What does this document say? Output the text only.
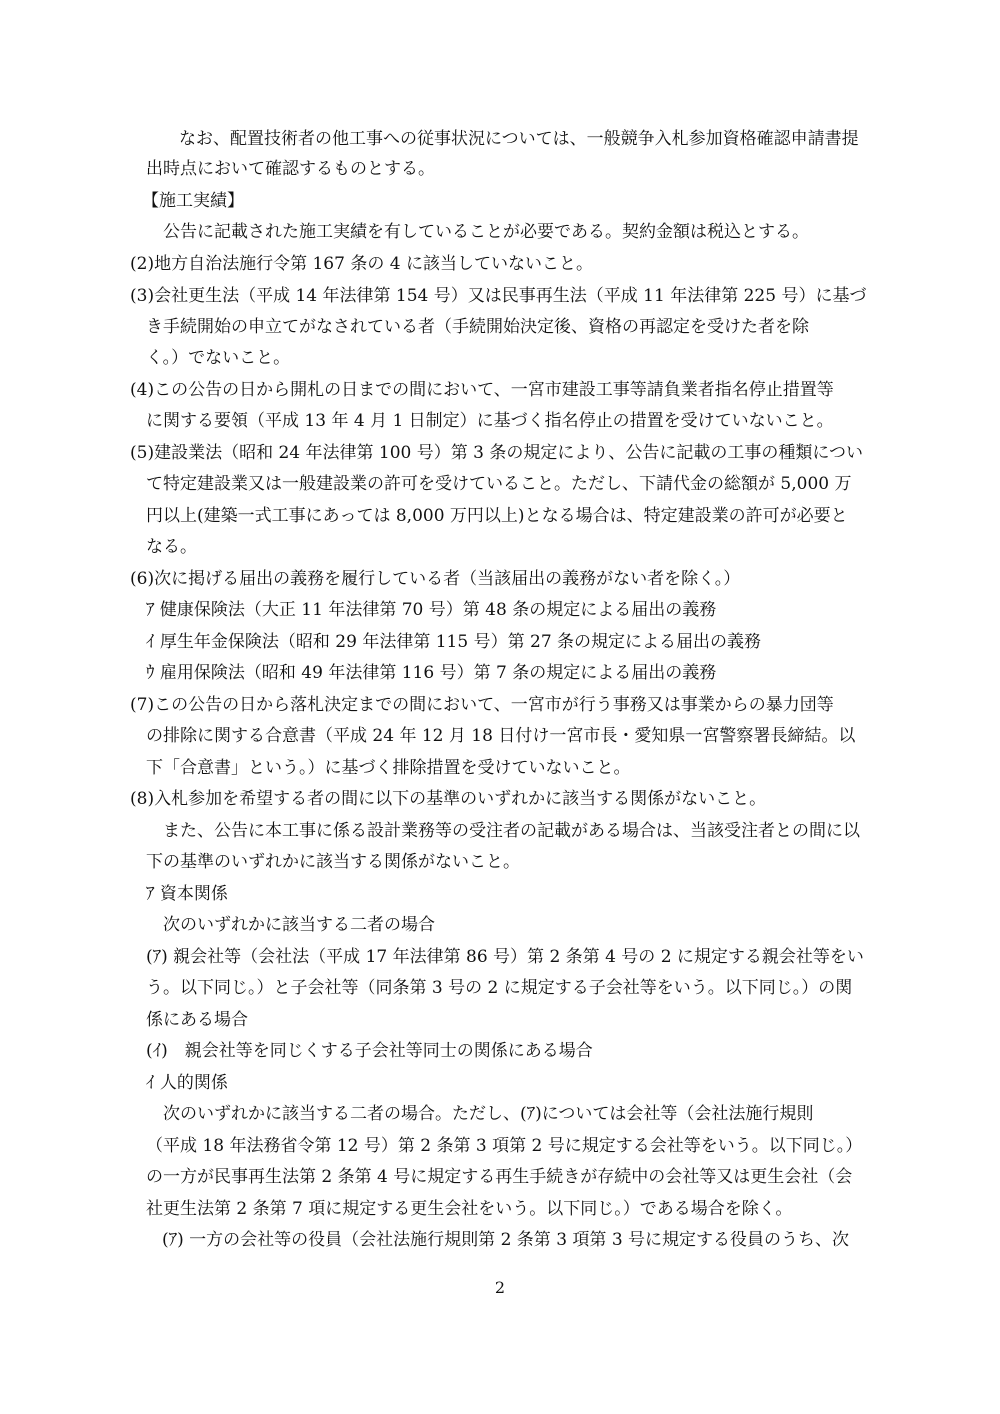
　なお、配置技術者の他工事への従事状況については、一般競争入札参加資格確認申請書提

出時点において確認するものとする。

【施工実績】

　公告に記載された施工実績を有していることが必要である。契約金額は税込とする。

(2)地方自治法施行令第 167 条の 4 に該当していないこと。

(3)会社更生法（平成 14 年法律第 154 号）又は民事再生法（平成 11 年法律第 225 号）に基づ

き手続開始の申立てがなされている者（手続開始決定後、資格の再認定を受けた者を除

く。）でないこと。

(4)この公告の日から開札の日までの間において、一宮市建設工事等請負業者指名停止措置等

に関する要領（平成 13 年 4 月 1 日制定）に基づく指名停止の措置を受けていないこと。

(5)建設業法（昭和 24 年法律第 100 号）第 3 条の規定により、公告に記載の工事の種類につい

て特定建設業又は一般建設業の許可を受けていること。ただし、下請代金の総額が 5,000 万

円以上(建築一式工事にあっては 8,000 万円以上)となる場合は、特定建設業の許可が必要と

なる。

(6)次に掲げる届出の義務を履行している者（当該届出の義務がない者を除く。）

ｱ 健康保険法（大正 11 年法律第 70 号）第 48 条の規定による届出の義務

ｲ 厚生年金保険法（昭和 29 年法律第 115 号）第 27 条の規定による届出の義務

ｳ 雇用保険法（昭和 49 年法律第 116 号）第 7 条の規定による届出の義務

(7)この公告の日から落札決定までの間において、一宮市が行う事務又は事業からの暴力団等

の排除に関する合意書（平成 24 年 12 月 18 日付け一宮市長・愛知県一宮警察署長締結。以

下「合意書」という。）に基づく排除措置を受けていないこと。

(8)入札参加を希望する者の間に以下の基準のいずれかに該当する関係がないこと。

　また、公告に本工事に係る設計業務等の受注者の記載がある場合は、当該受注者との間に以

下の基準のいずれかに該当する関係がないこと。

ｱ 資本関係

　次のいずれかに該当する二者の場合

(ｱ) 親会社等（会社法（平成 17 年法律第 86 号）第 2 条第 4 号の 2 に規定する親会社等をい

う。以下同じ。）と子会社等（同条第 3 号の 2 に規定する子会社等をいう。以下同じ。）の関

係にある場合

(ｲ)　親会社等を同じくする子会社等同士の関係にある場合

ｲ 人的関係

　次のいずれかに該当する二者の場合。ただし、(ｱ)については会社等（会社法施行規則

（平成 18 年法務省令第 12 号）第 2 条第 3 項第 2 号に規定する会社等をいう。以下同じ。）

の一方が民事再生法第 2 条第 4 号に規定する再生手続きが存続中の会社等又は更生会社（会

社更生法第 2 条第 7 項に規定する更生会社をいう。以下同じ。）である場合を除く。

(ｱ) 一方の会社等の役員（会社法施行規則第 2 条第 3 項第 3 号に規定する役員のうち、次

2
